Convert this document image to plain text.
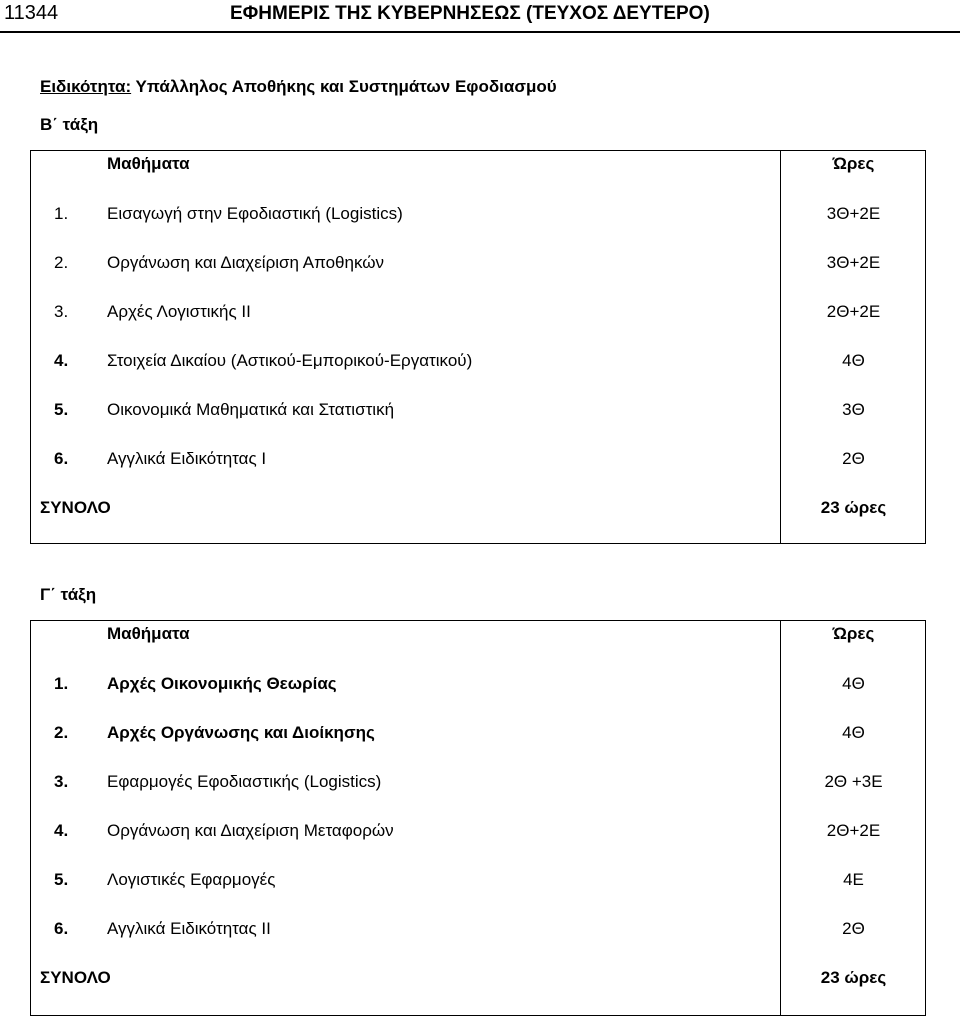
11344	ΕΦΗΜΕΡΙΣ ΤΗΣ ΚΥΒΕΡΝΗΣΕΩΣ (ΤΕΥΧΟΣ ΔΕΥΤΕΡΟ)
Ειδικότητα: Υπάλληλος Αποθήκης και Συστημάτων Εφοδιασμού
Β΄ τάξη
Μαθήματα	Ώρες
1.	Εισαγωγή στην Εφοδιαστική (Logistics)	3Θ+2Ε
2.	Οργάνωση και Διαχείριση Αποθηκών	3Θ+2Ε
3.	Αρχές Λογιστικής ΙΙ	2Θ+2Ε
4.	Στοιχεία Δικαίου (Αστικού-Εμπορικού-Εργατικού)	4Θ
5.	Οικονομικά Μαθηματικά και Στατιστική	3Θ
6.	Αγγλικά Ειδικότητας Ι	2Θ
ΣΥΝΟΛΟ	23 ώρες
Γ΄ τάξη
Μαθήματα	Ώρες
1.	Αρχές Οικονομικής Θεωρίας	4Θ
2.	Αρχές Οργάνωσης και Διοίκησης	4Θ
3.	Εφαρμογές Εφοδιαστικής (Logistics)	2Θ +3Ε
4.	Οργάνωση και Διαχείριση Μεταφορών	2Θ+2Ε
5.	Λογιστικές Εφαρμογές	4Ε
6.	Αγγλικά Ειδικότητας ΙΙ	2Θ
ΣΥΝΟΛΟ	23 ώρες
